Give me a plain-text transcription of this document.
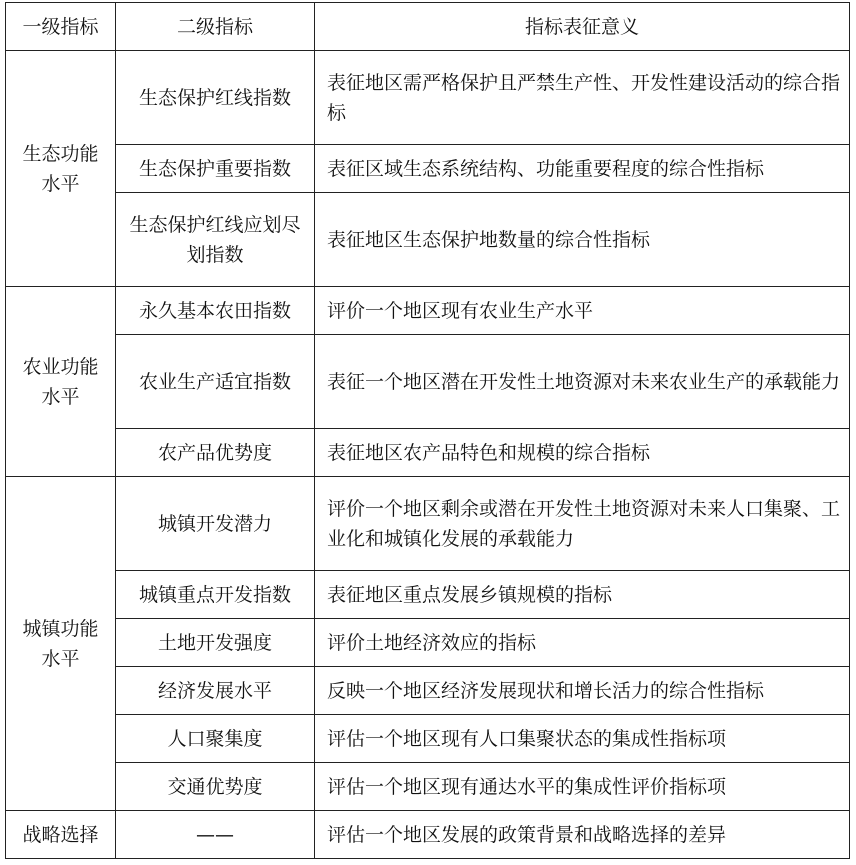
一级指标	二级指标	指标表征意义
生态功能水平	生态保护红线指数	表征地区需严格保护且严禁生产性、开发性建设活动的综合指标
	生态保护重要指数	表征区域生态系统结构、功能重要程度的综合性指标
	生态保护红线应划尽划指数	表征地区生态保护地数量的综合性指标
农业功能水平	永久基本农田指数	评价一个地区现有农业生产水平
	农业生产适宜指数	表征一个地区潜在开发性土地资源对未来农业生产的承载能力
	农产品优势度	表征地区农产品特色和规模的综合指标
城镇功能水平	城镇开发潜力	评价一个地区剩余或潜在开发性土地资源对未来人口集聚、工业化和城镇化发展的承载能力
	城镇重点开发指数	表征地区重点发展乡镇规模的指标
	土地开发强度	评价土地经济效应的指标
	经济发展水平	反映一个地区经济发展现状和增长活力的综合性指标
	人口聚集度	评估一个地区现有人口集聚状态的集成性指标项
	交通优势度	评估一个地区现有通达水平的集成性评价指标项
战略选择	——	评估一个地区发展的政策背景和战略选择的差异
